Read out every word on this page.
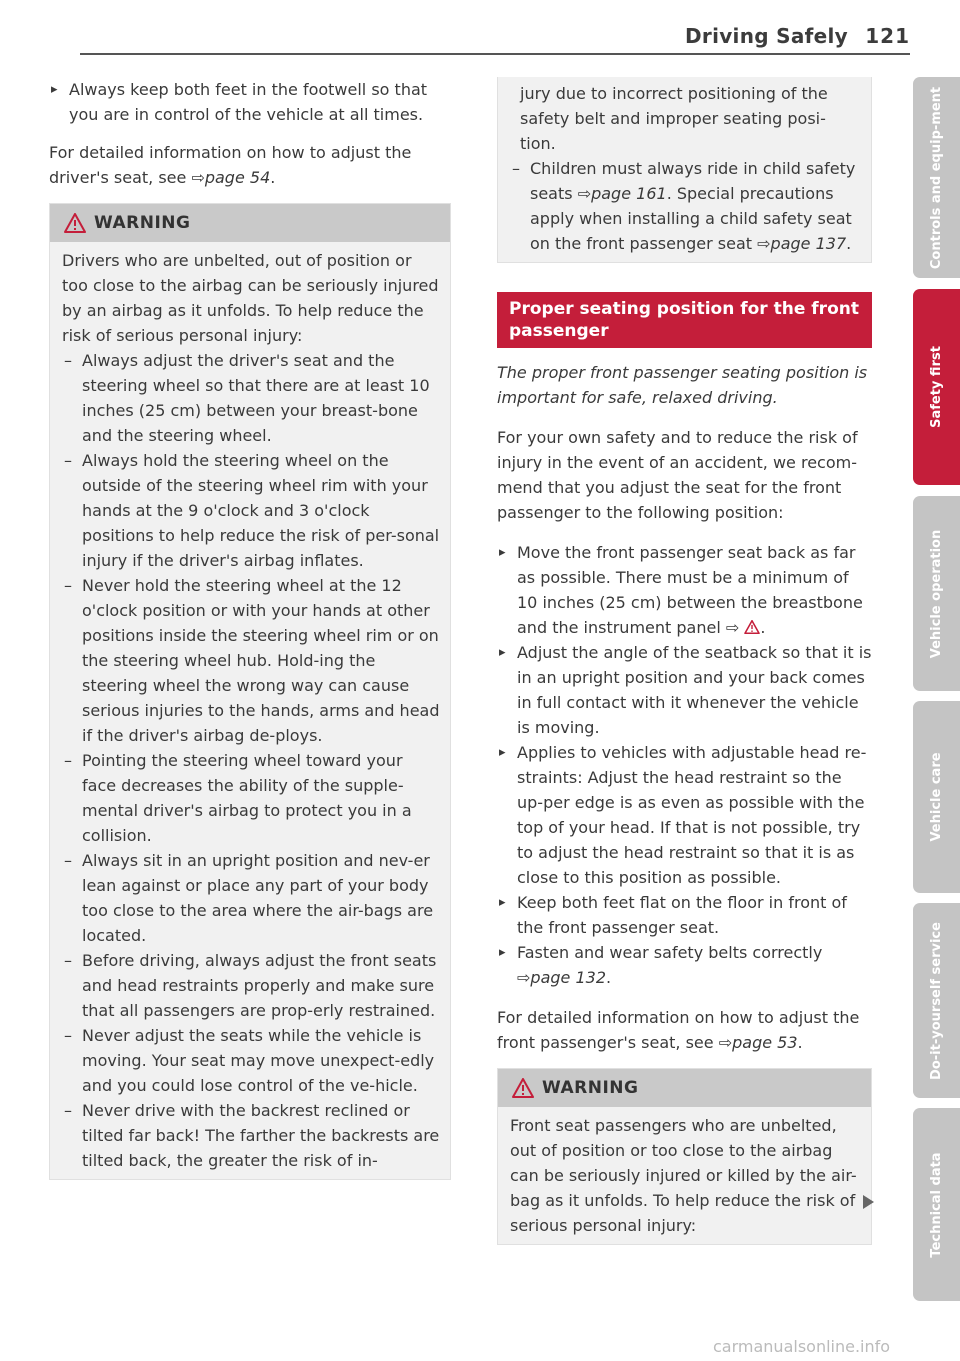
Driving Safely 121

▸ Always keep both feet in the footwell so that you are in control of the vehicle at all times.

For detailed information on how to adjust the driver's seat, see ⇨page 54.

WARNING

Drivers who are unbelted, out of position or too close to the airbag can be seriously injured by an airbag as it unfolds. To help reduce the risk of serious personal injury:

– Always adjust the driver's seat and the steering wheel so that there are at least 10 inches (25 cm) between your breast-bone and the steering wheel.

– Always hold the steering wheel on the outside of the steering wheel rim with your hands at the 9 o'clock and 3 o'clock positions to help reduce the risk of per-sonal injury if the driver's airbag inflates.

– Never hold the steering wheel at the 12 o'clock position or with your hands at other positions inside the steering wheel rim or on the steering wheel hub. Hold-ing the steering wheel the wrong way can cause serious injuries to the hands, arms and head if the driver's airbag de-ploys.

– Pointing the steering wheel toward your face decreases the ability of the supple-mental driver's airbag to protect you in a collision.

– Always sit in an upright position and nev-er lean against or place any part of your body too close to the area where the air-bags are located.

– Before driving, always adjust the front seats and head restraints properly and make sure that all passengers are prop-erly restrained.

– Never adjust the seats while the vehicle is moving. Your seat may move unexpect-edly and you could lose control of the ve-hicle.

– Never drive with the backrest reclined or tilted far back! The farther the backrests are tilted back, the greater the risk of in-

jury due to incorrect positioning of the safety belt and improper seating posi-tion.

– Children must always ride in child safety seats ⇨page 161. Special precautions apply when installing a child safety seat on the front passenger seat ⇨page 137.

Proper seating position for the front passenger

The proper front passenger seating position is important for safe, relaxed driving.

For your own safety and to reduce the risk of injury in the event of an accident, we recom-mend that you adjust the seat for the front passenger to the following position:

▸ Move the front passenger seat back as far as possible. There must be a minimum of 10 inches (25 cm) between the breastbone and the instrument panel ⇨ .

▸ Adjust the angle of the seatback so that it is in an upright position and your back comes in full contact with it whenever the vehicle is moving.

▸ Applies to vehicles with adjustable head re-straints: Adjust the head restraint so the up-per edge is as even as possible with the top of your head. If that is not possible, try to adjust the head restraint so that it is as close to this position as possible.

▸ Keep both feet flat on the floor in front of the front passenger seat.

▸ Fasten and wear safety belts correctly ⇨page 132.

For detailed information on how to adjust the front passenger's seat, see ⇨page 53.

WARNING

Front seat passengers who are unbelted, out of position or too close to the airbag can be seriously injured or killed by the air-bag as it unfolds. To help reduce the risk of serious personal injury:

Controls and equip-ment
Safety first
Vehicle operation
Vehicle care
Do-it-yourself service
Technical data
carmanualsonline.info
